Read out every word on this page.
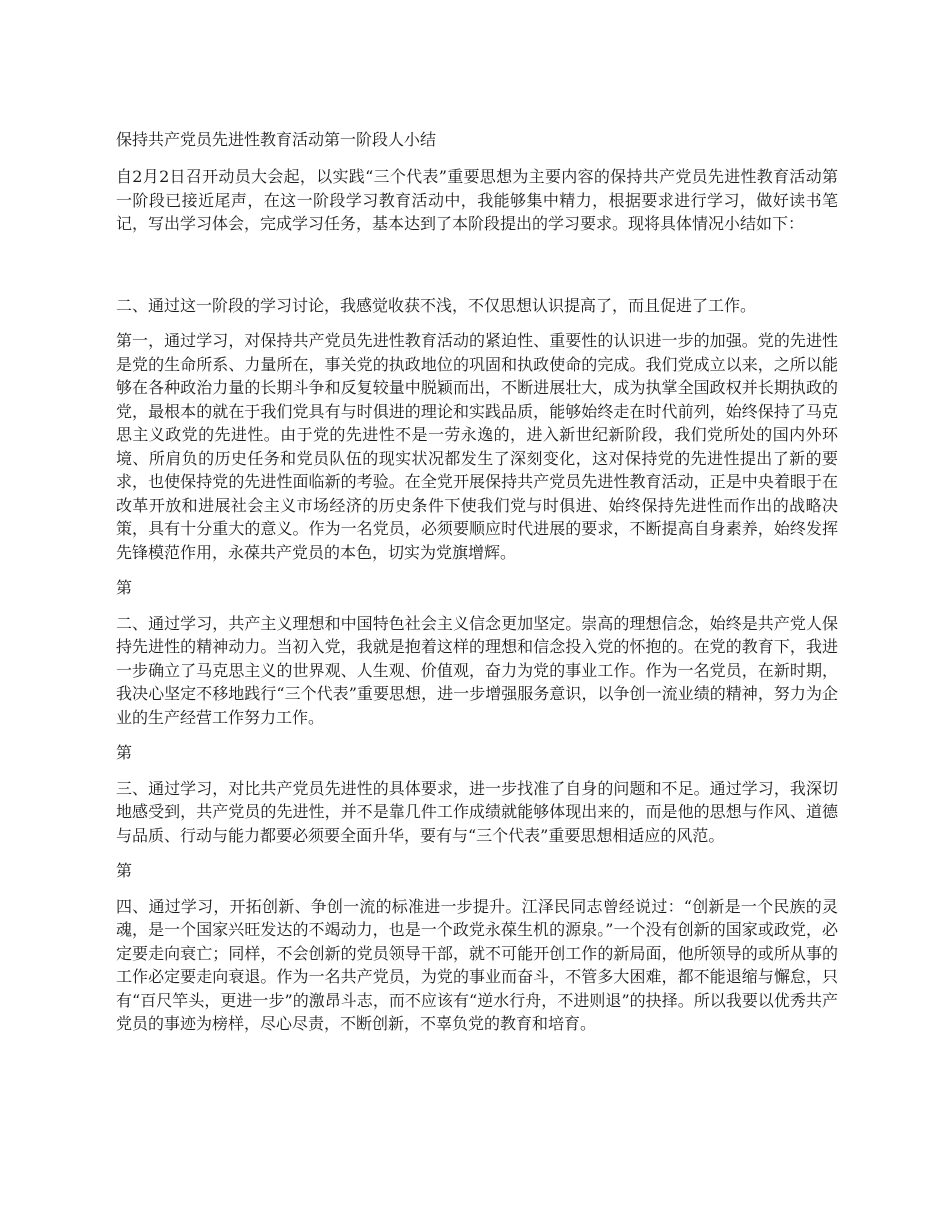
保持共产党员先进性教育活动第一阶段人小结
自2月2日召开动员大会起，以实践“三个代表”重要思想为主要内容的保持共产党员先进性教育活动第一阶段已接近尾声，在这一阶段学习教育活动中，我能够集中精力，根据要求进行学习，做好读书笔记，写出学习体会，完成学习任务，基本达到了本阶段提出的学习要求。现将具体情况小结如下：
二、通过这一阶段的学习讨论，我感觉收获不浅，不仅思想认识提高了，而且促进了工作。
第一，通过学习，对保持共产党员先进性教育活动的紧迫性、重要性的认识进一步的加强。党的先进性是党的生命所系、力量所在，事关党的执政地位的巩固和执政使命的完成。我们党成立以来，之所以能够在各种政治力量的长期斗争和反复较量中脱颖而出，不断进展壮大，成为执掌全国政权并长期执政的党，最根本的就在于我们党具有与时俱进的理论和实践品质，能够始终走在时代前列，始终保持了马克思主义政党的先进性。由于党的先进性不是一劳永逸的，进入新世纪新阶段，我们党所处的国内外环境、所肩负的历史任务和党员队伍的现实状况都发生了深刻变化，这对保持党的先进性提出了新的要求，也使保持党的先进性面临新的考验。在全党开展保持共产党员先进性教育活动，正是中央着眼于在改革开放和进展社会主义市场经济的历史条件下使我们党与时俱进、始终保持先进性而作出的战略决策，具有十分重大的意义。作为一名党员，必须要顺应时代进展的要求，不断提高自身素养，始终发挥先锋模范作用，永葆共产党员的本色，切实为党旗增辉。
第
二、通过学习，共产主义理想和中国特色社会主义信念更加坚定。崇高的理想信念，始终是共产党人保持先进性的精神动力。当初入党，我就是抱着这样的理想和信念投入党的怀抱的。在党的教育下，我进一步确立了马克思主义的世界观、人生观、价值观，奋力为党的事业工作。作为一名党员，在新时期，我决心坚定不移地践行“三个代表”重要思想，进一步增强服务意识，以争创一流业绩的精神，努力为企业的生产经营工作努力工作。
第
三、通过学习，对比共产党员先进性的具体要求，进一步找准了自身的问题和不足。通过学习，我深切地感受到，共产党员的先进性，并不是靠几件工作成绩就能够体现出来的，而是他的思想与作风、道德与品质、行动与能力都要必须要全面升华，要有与“三个代表”重要思想相适应的风范。
第
四、通过学习，开拓创新、争创一流的标准进一步提升。江泽民同志曾经说过：“创新是一个民族的灵魂，是一个国家兴旺发达的不竭动力，也是一个政党永葆生机的源泉。”一个没有创新的国家或政党，必定要走向衰亡；同样，不会创新的党员领导干部，就不可能开创工作的新局面，他所领导的或所从事的工作必定要走向衰退。作为一名共产党员，为党的事业而奋斗，不管多大困难，都不能退缩与懈怠，只有“百尺竿头，更进一步”的激昂斗志，而不应该有“逆水行舟，不进则退”的抉择。所以我要以优秀共产党员的事迹为榜样，尽心尽责，不断创新，不辜负党的教育和培育。
